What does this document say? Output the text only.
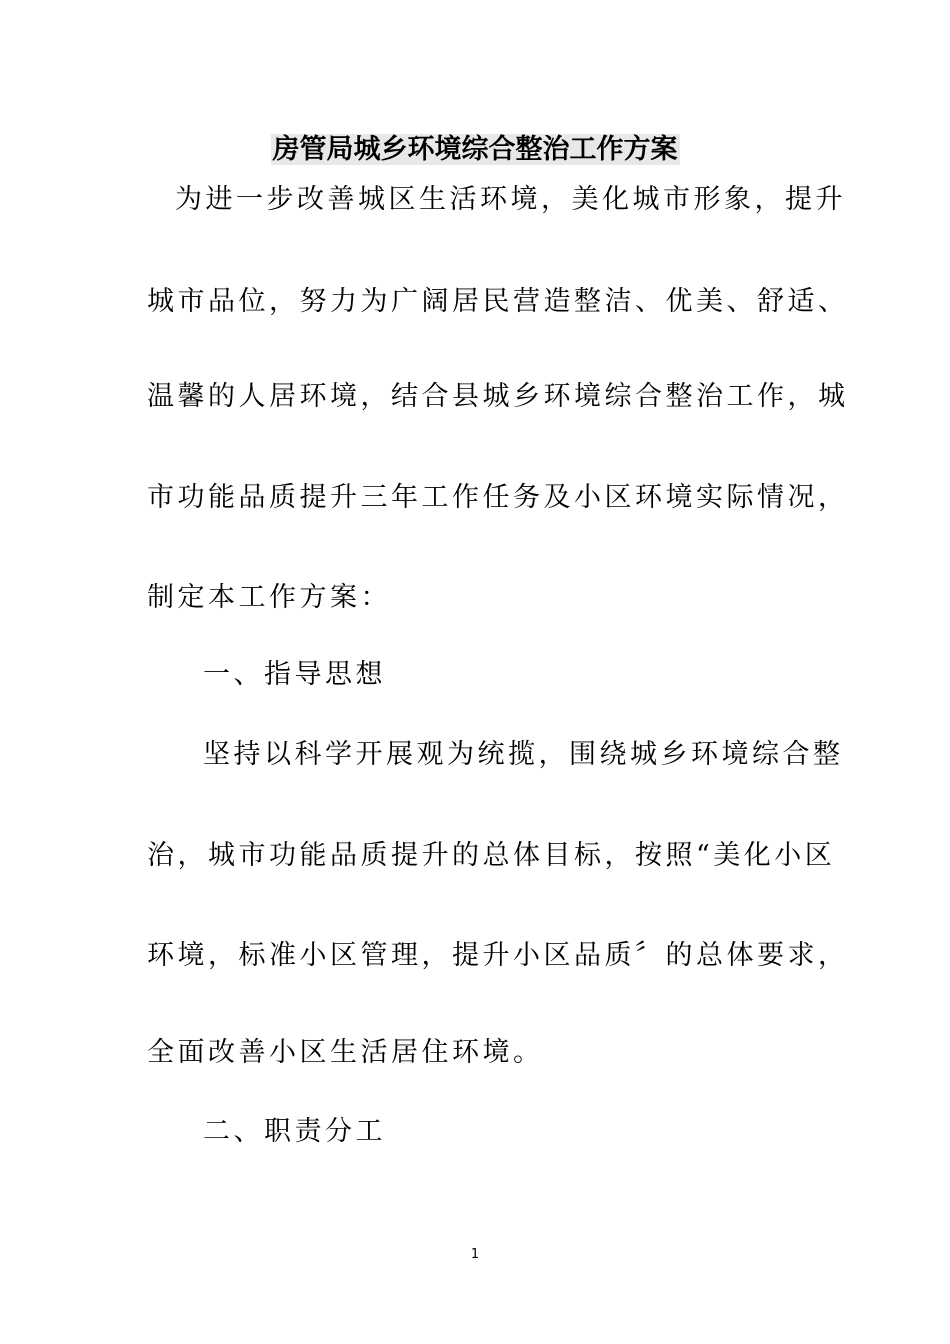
房管局城乡环境综合整治工作方案
为进一步改善城区生活环境，美化城市形象，提升
城市品位，努力为广阔居民营造整洁、优美、舒适、
温馨的人居环境，结合县城乡环境综合整治工作，城
市功能品质提升三年工作任务及小区环境实际情况，
制定本工作方案：
一、指导思想
坚持以科学开展观为统揽，围绕城乡环境综合整
治，城市功能品质提升的总体目标，按照“美化小区
环境，标准小区管理，提升小区品质〞的总体要求，
全面改善小区生活居住环境。
二、职责分工
1
